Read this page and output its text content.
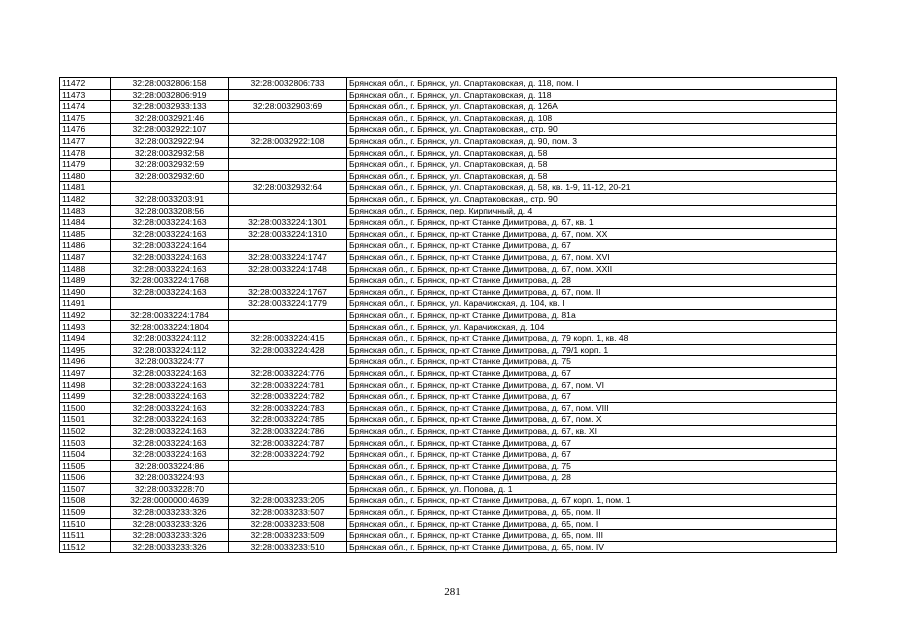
11472	32:28:0032806:158	32:28:0032806:733	Брянская обл., г. Брянск, ул. Спартаковская, д. 118, пом. I
11473	32:28:0032806:919		Брянская обл., г. Брянск, ул. Спартаковская, д. 118
11474	32:28:0032933:133	32:28:0032903:69	Брянская обл., г. Брянск, ул. Спартаковская, д. 126А
11475	32:28:0032921:46		Брянская обл., г. Брянск, ул. Спартаковская, д. 108
11476	32:28:0032922:107		Брянская обл., г. Брянск, ул. Спартаковская,, стр. 90
11477	32:28:0032922:94	32:28:0032922:108	Брянская обл., г. Брянск, ул. Спартаковская, д. 90, пом. 3
11478	32:28:0032932:58		Брянская обл., г. Брянск, ул. Спартаковская, д. 58
11479	32:28:0032932:59		Брянская обл., г. Брянск, ул. Спартаковская, д. 58
11480	32:28:0032932:60		Брянская обл., г. Брянск, ул. Спартаковская, д. 58
11481		32:28:0032932:64	Брянская обл., г. Брянск, ул. Спартаковская, д. 58, кв. 1-9, 11-12, 20-21
11482	32:28:0033203:91		Брянская обл., г. Брянск, ул. Спартаковская,, стр. 90
11483	32:28:0033208:56		Брянская обл., г. Брянск, пер. Кирпичный, д. 4
11484	32:28:0033224:163	32:28:0033224:1301	Брянская обл., г. Брянск, пр-кт Станке Димитрова, д. 67, кв. 1
11485	32:28:0033224:163	32:28:0033224:1310	Брянская обл., г. Брянск, пр-кт Станке Димитрова, д. 67, пом. XX
11486	32:28:0033224:164		Брянская обл., г. Брянск, пр-кт Станке Димитрова, д. 67
11487	32:28:0033224:163	32:28:0033224:1747	Брянская обл., г. Брянск, пр-кт Станке Димитрова, д. 67, пом. XVI
11488	32:28:0033224:163	32:28:0033224:1748	Брянская обл., г. Брянск, пр-кт Станке Димитрова, д. 67, пом. XXII
11489	32:28:0033224:1768		Брянская обл., г. Брянск, пр-кт Станке Димитрова, д. 28
11490	32:28:0033224:163	32:28:0033224:1767	Брянская обл., г. Брянск, пр-кт Станке Димитрова, д. 67, пом. II
11491		32:28:0033224:1779	Брянская обл., г. Брянск, ул. Карачижская, д. 104, кв. I
11492	32:28:0033224:1784		Брянская обл., г. Брянск, пр-кт Станке Димитрова, д. 81а
11493	32:28:0033224:1804		Брянская обл., г. Брянск, ул. Карачижская, д. 104
11494	32:28:0033224:112	32:28:0033224:415	Брянская обл., г. Брянск, пр-кт Станке Димитрова, д. 79 корп. 1, кв. 48
11495	32:28:0033224:112	32:28:0033224:428	Брянская обл., г. Брянск, пр-кт Станке Димитрова, д. 79/1 корп. 1
11496	32:28:0033224:77		Брянская обл., г. Брянск, пр-кт Станке Димитрова, д. 75
11497	32:28:0033224:163	32:28:0033224:776	Брянская обл., г. Брянск, пр-кт Станке Димитрова, д. 67
11498	32:28:0033224:163	32:28:0033224:781	Брянская обл., г. Брянск, пр-кт Станке Димитрова, д. 67, пом. VI
11499	32:28:0033224:163	32:28:0033224:782	Брянская обл., г. Брянск, пр-кт Станке Димитрова, д. 67
11500	32:28:0033224:163	32:28:0033224:783	Брянская обл., г. Брянск, пр-кт Станке Димитрова, д. 67, пом. VIII
11501	32:28:0033224:163	32:28:0033224:785	Брянская обл., г. Брянск, пр-кт Станке Димитрова, д. 67, пом. X
11502	32:28:0033224:163	32:28:0033224:786	Брянская обл., г. Брянск, пр-кт Станке Димитрова, д. 67, кв. XI
11503	32:28:0033224:163	32:28:0033224:787	Брянская обл., г. Брянск, пр-кт Станке Димитрова, д. 67
11504	32:28:0033224:163	32:28:0033224:792	Брянская обл., г. Брянск, пр-кт Станке Димитрова, д. 67
11505	32:28:0033224:86		Брянская обл., г. Брянск, пр-кт Станке Димитрова, д. 75
11506	32:28:0033224:93		Брянская обл., г. Брянск, пр-кт Станке Димитрова, д. 28
11507	32:28:0033228:70		Брянская обл., г. Брянск, ул. Попова, д. 1
11508	32:28:0000000:4639	32:28:0033233:205	Брянская обл., г. Брянск, пр-кт Станке Димитрова, д. 67 корп. 1, пом. 1
11509	32:28:0033233:326	32:28:0033233:507	Брянская обл., г. Брянск, пр-кт Станке Димитрова, д. 65, пом. II
11510	32:28:0033233:326	32:28:0033233:508	Брянская обл., г. Брянск, пр-кт Станке Димитрова, д. 65, пом. I
11511	32:28:0033233:326	32:28:0033233:509	Брянская обл., г. Брянск, пр-кт Станке Димитрова, д. 65, пом. III
11512	32:28:0033233:326	32:28:0033233:510	Брянская обл., г. Брянск, пр-кт Станке Димитрова, д. 65, пом. IV
281
